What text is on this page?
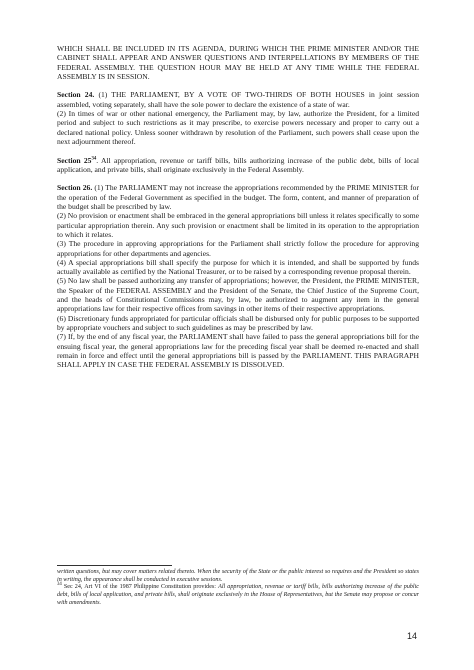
WHICH SHALL BE INCLUDED IN ITS AGENDA, DURING WHICH THE PRIME MINISTER AND/OR THE CABINET SHALL APPEAR AND ANSWER QUESTIONS AND INTERPELLATIONS BY MEMBERS OF THE FEDERAL ASSEMBLY. THE QUESTION HOUR MAY BE HELD AT ANY TIME WHILE THE FEDERAL ASSEMBLY IS IN SESSION.

Section 24. (1) THE PARLIAMENT, BY A VOTE OF TWO-THIRDS OF BOTH HOUSES in joint session assembled, voting separately, shall have the sole power to declare the existence of a state of war.

(2) In times of war or other national emergency, the Parliament may, by law, authorize the President, for a limited period and subject to such restrictions as it may prescribe, to exercise powers necessary and proper to carry out a declared national policy. Unless sooner withdrawn by resolution of the Parliament, such powers shall cease upon the next adjournment thereof.

Section $25^{34}$. All appropriation, revenue or tariff bills, bills authorizing increase of the public debt, bills of local application, and private bills, shall originate exclusively in the Federal Assembly.

Section 26. (1) The PARLIAMENT may not increase the appropriations recommended by the PRIME MINISTER for the operation of the Federal Government as specified in the budget. The form, content, and manner of preparation of the budget shall be prescribed by law.

(2) No provision or enactment shall be embraced in the general appropriations bill unless it relates specifically to some particular appropriation therein. Any such provision or enactment shall be limited in its operation to the appropriation to which it relates.

(3) The procedure in approving appropriations for the Parliament shall strictly follow the procedure for approving appropriations for other departments and agencies.

(4) A special appropriations bill shall specify the purpose for which it is intended, and shall be supported by funds actually available as certified by the National Treasurer, or to be raised by a corresponding revenue proposal therein.

(5) No law shall be passed authorizing any transfer of appropriations; however, the President, the PRIME MINISTER, the Speaker of the FEDERAL ASSEMBLY and the President of the Senate, the Chief Justice of the Supreme Court, and the heads of Constitutional Commissions may, by law, be authorized to augment any item in the general appropriations law for their respective offices from savings in other items of their respective appropriations.

(6) Discretionary funds appropriated for particular officials shall be disbursed only for public purposes to be supported by appropriate vouchers and subject to such guidelines as may be prescribed by law.

(7) If, by the end of any fiscal year, the PARLIAMENT shall have failed to pass the general appropriations bill for the ensuing fiscal year, the general appropriations law for the preceding fiscal year shall be deemed re-enacted and shall remain in force and effect until the general appropriations bill is passed by the PARLIAMENT. THIS PARAGRAPH SHALL APPLY IN CASE THE FEDERAL ASSEMBLY IS DISSOLVED.

written questions, but may cover matters related thereto. When the security of the State or the public interest so requires and the President so states in writing, the appearance shall be conducted in executive sessions.

$^{34}$ Sec 24, Art VI of the 1987 Philippine Constitution provides: All appropriation, revenue or tariff bills, bills authorizing increase of the public debt, bills of local application, and private bills, shall originate exclusively in the House of Representatives, but the Senate may propose or concur with amendments.

14
